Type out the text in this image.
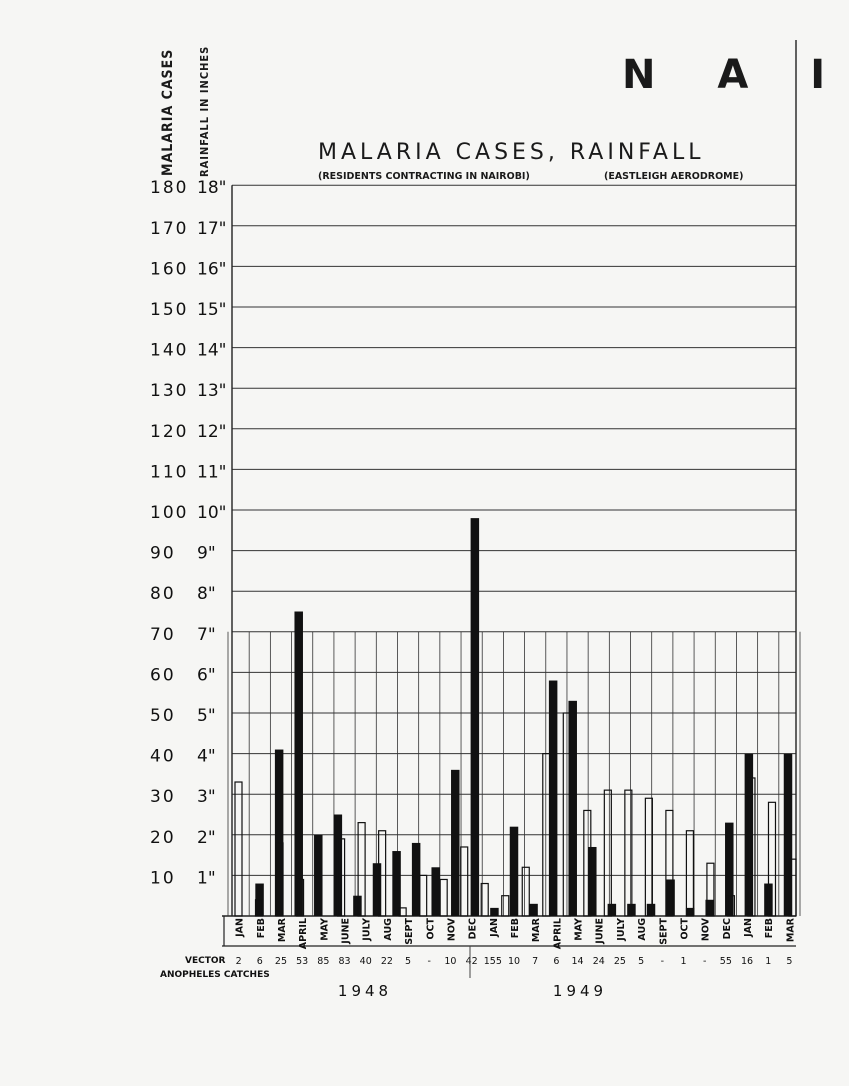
180 18"
170 17"
160 16"
150 15"
140 14"
130 13"
120 12"
110 11"
100 10"
90 9"
80 8"
70 7"
60 6"
50 5"
40 4"
30 3"
20 2"
10 1"
JAN FEB MAR APRIL MAY JUNE JULY AUG SEPT OCT NOV DEC JAN FEB MAR APRIL MAY JUNE JULY AUG SEPT OCT NOV DEC JAN FEB MAR
VECTOR
ANOPHELES CATCHES
2 6 25 53 85 83 40 22 5 - 10 42 155 10 7 6 14 24 25 5 - 1 - 55 16 1 5
1948	1949
MALARIA CASES RAINFALL IN INCHES	N A I
MALARIA CASES, RAINFALL
(RESIDENTS CONTRACTING IN NAIROBI)	(EASTLEIGH AERODROME)
